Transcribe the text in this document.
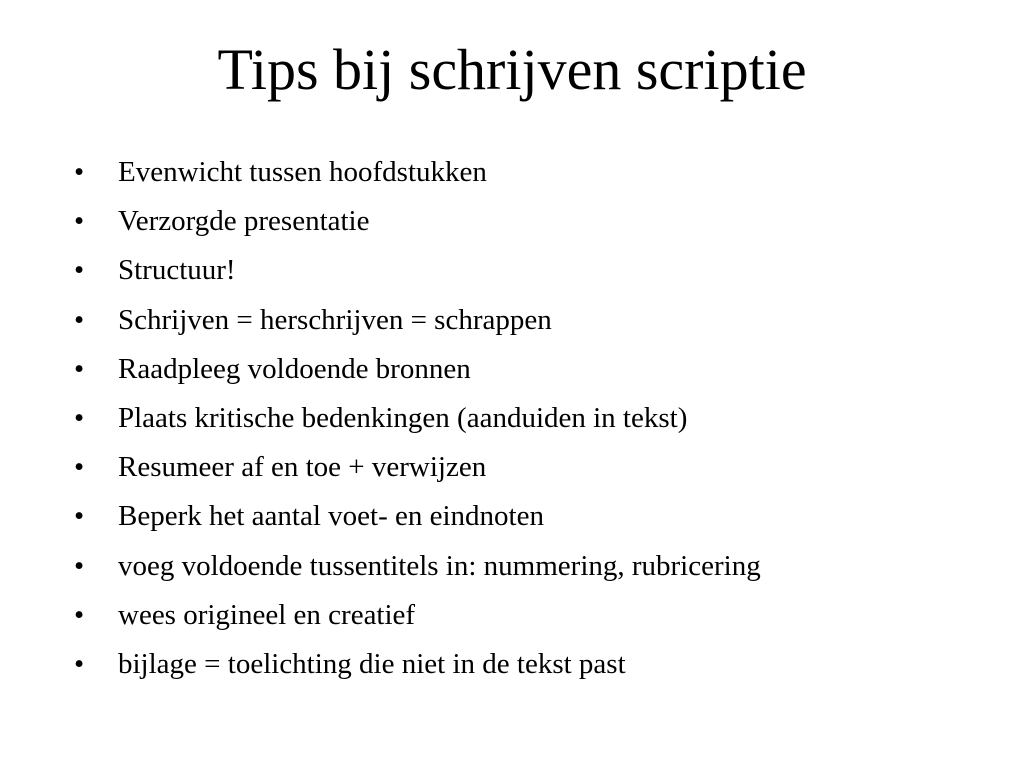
Tips bij schrijven scriptie
•	Evenwicht tussen hoofdstukken
•	Verzorgde presentatie
•	Structuur!
•	Schrijven = herschrijven = schrappen
•	Raadpleeg voldoende bronnen
•	Plaats kritische bedenkingen (aanduiden in tekst)
•	Resumeer af en toe + verwijzen
•	Beperk het aantal voet- en eindnoten
•	voeg voldoende tussentitels in: nummering, rubricering
•	wees origineel en creatief
•	bijlage = toelichting die niet in de tekst past
